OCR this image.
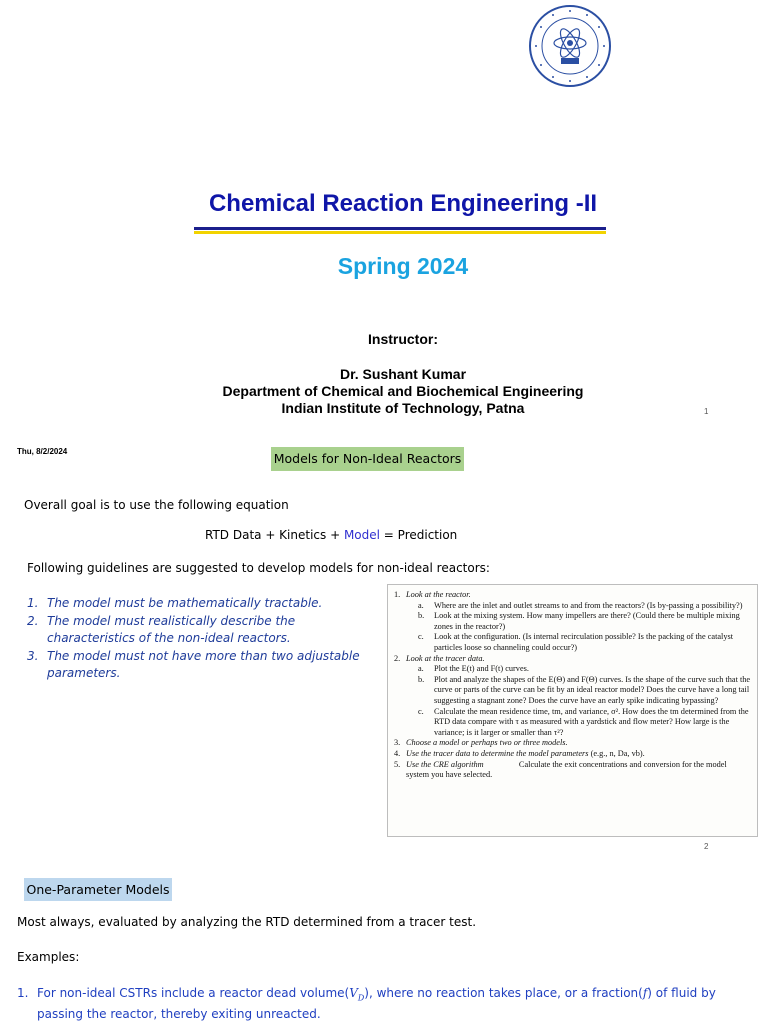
Chemical Reaction Engineering -II
Spring 2024
Instructor:
Dr. Sushant Kumar
Department of Chemical and Biochemical Engineering
Indian Institute of Technology, Patna	1
Thu, 8/2/2024	Models for Non-Ideal Reactors
Overall goal is to use the following equation
RTD Data + Kinetics + Model = Prediction
Following guidelines are suggested to develop models for non-ideal reactors:
1. The model must be mathematically tractable.
2. The model must realistically describe the characteristics of the non-ideal reactors.
3. The model must not have more than two adjustable parameters.
1. Look at the reactor.
a. Where are the inlet and outlet streams to and from the reactors? (Is by-passing a possibility?)
b. Look at the mixing system. How many impellers are there? (Could there be multiple mixing zones in the reactor?)
c. Look at the configuration. (Is internal recirculation possible? Is the packing of the catalyst particles loose so channeling could occur?)
2. Look at the tracer data.
a. Plot the E(t) and F(t) curves.
b. Plot and analyze the shapes of the E(Θ) and F(Θ) curves. Is the shape of the curve such that the curve or parts of the curve can be fit by an ideal reactor model? Does the curve have a long tail suggesting a stagnant zone? Does the curve have an early spike indicating bypassing?
c. Calculate the mean residence time, tm, and variance, σ². How does the tm determined from the RTD data compare with τ as measured with a yardstick and flow meter? How large is the variance; is it larger or smaller than τ²?
3. Choose a model or perhaps two or three models.
4. Use the tracer data to determine the model parameters (e.g., n, Da, vb).
5. Use the CRE algorithm                 Calculate the exit concentrations and conversion for the model system you have selected.
2
One-Parameter Models
Most always, evaluated by analyzing the RTD determined from a tracer test.
Examples:
1. For non-ideal CSTRs include a reactor dead $volume(V_D)$, where no reaction takes place, or a fraction(f) of fluid by passing the reactor, thereby exiting unreacted.
